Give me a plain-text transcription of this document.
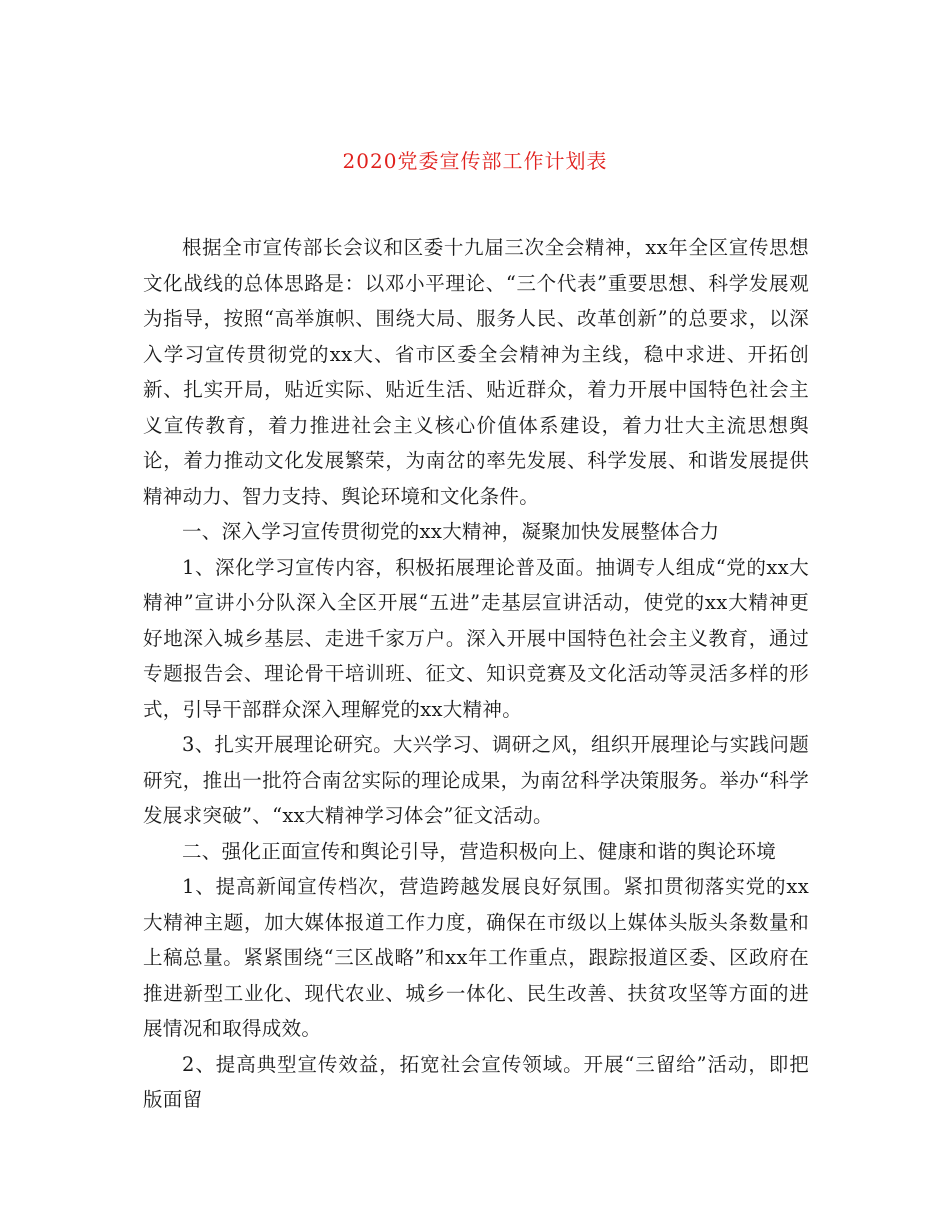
2020党委宣传部工作计划表

根据全市宣传部长会议和区委十九届三次全会精神，xx年全区宣传思想文化战线的总体思路是：以邓小平理论、“三个代表”重要思想、科学发展观为指导，按照“高举旗帜、围绕大局、服务人民、改革创新”的总要求，以深入学习宣传贯彻党的xx大、省市区委全会精神为主线，稳中求进、开拓创新、扎实开局，贴近实际、贴近生活、贴近群众，着力开展中国特色社会主义宣传教育，着力推进社会主义核心价值体系建设，着力壮大主流思想舆论，着力推动文化发展繁荣，为南岔的率先发展、科学发展、和谐发展提供精神动力、智力支持、舆论环境和文化条件。

一、深入学习宣传贯彻党的xx大精神，凝聚加快发展整体合力

1、深化学习宣传内容，积极拓展理论普及面。抽调专人组成“党的xx大精神”宣讲小分队深入全区开展“五进”走基层宣讲活动，使党的xx大精神更好地深入城乡基层、走进千家万户。深入开展中国特色社会主义教育，通过专题报告会、理论骨干培训班、征文、知识竞赛及文化活动等灵活多样的形式，引导干部群众深入理解党的xx大精神。

3、扎实开展理论研究。大兴学习、调研之风，组织开展理论与实践问题研究，推出一批符合南岔实际的理论成果，为南岔科学决策服务。举办“科学发展求突破”、“xx大精神学习体会”征文活动。

二、强化正面宣传和舆论引导，营造积极向上、健康和谐的舆论环境

1、提高新闻宣传档次，营造跨越发展良好氛围。紧扣贯彻落实党的xx大精神主题，加大媒体报道工作力度，确保在市级以上媒体头版头条数量和上稿总量。紧紧围绕“三区战略”和xx年工作重点，跟踪报道区委、区政府在推进新型工业化、现代农业、城乡一体化、民生改善、扶贫攻坚等方面的进展情况和取得成效。

2、提高典型宣传效益，拓宽社会宣传领域。开展“三留给”活动，即把版面留
